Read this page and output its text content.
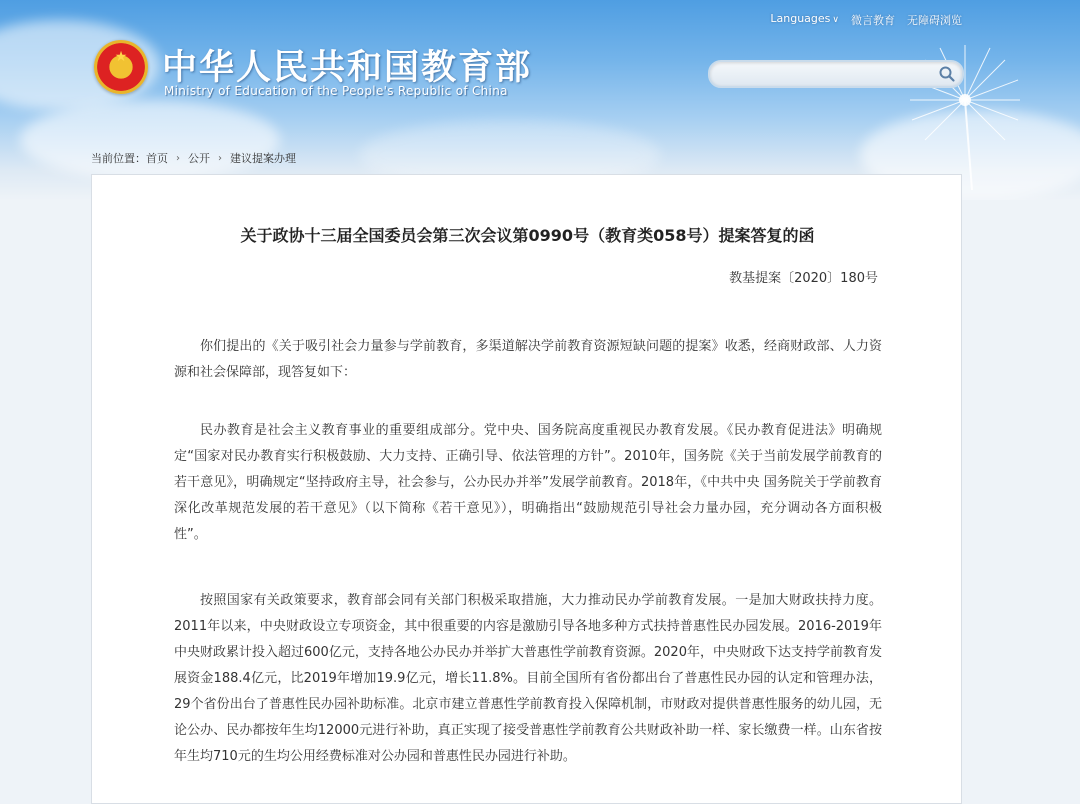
★ 中华人民共和国教育部
Ministry of Education of the People's Republic of China
Languages ∨ 微言教育 无障碍浏览
当前位置： 首页 › 公开 › 建议提案办理
关于政协十三届全国委员会第三次会议第0990号（教育类058号）提案答复的函
教基提案〔2020〕180号

你们提出的《关于吸引社会力量参与学前教育，多渠道解决学前教育资源短缺问题的提案》收悉，经商财政部、人力资源和社会保障部，现答复如下：

民办教育是社会主义教育事业的重要组成部分。党中央、国务院高度重视民办教育发展。《民办教育促进法》明确规定“国家对民办教育实行积极鼓励、大力支持、正确引导、依法管理的方针”。2010年，国务院《关于当前发展学前教育的若干意见》，明确规定“坚持政府主导，社会参与，公办民办并举”发展学前教育。2018年，《中共中央 国务院关于学前教育深化改革规范发展的若干意见》（以下简称《若干意见》），明确指出“鼓励规范引导社会力量办园，充分调动各方面积极性”。

按照国家有关政策要求，教育部会同有关部门积极采取措施，大力推动民办学前教育发展。一是加大财政扶持力度。2011年以来，中央财政设立专项资金，其中很重要的内容是激励引导各地多种方式扶持普惠性民办园发展。2016-2019年中央财政累计投入超过600亿元，支持各地公办民办并举扩大普惠性学前教育资源。2020年，中央财政下达支持学前教育发展资金188.4亿元，比2019年增加19.9亿元，增长11.8%。目前全国所有省份都出台了普惠性民办园的认定和管理办法，29个省份出台了普惠性民办园补助标准。北京市建立普惠性学前教育投入保障机制，市财政对提供普惠性服务的幼儿园，无论公办、民办都按年生均12000元进行补助，真正实现了接受普惠性学前教育公共财政补助一样、家长缴费一样。山东省按年生均710元的生均公用经费标准对公办园和普惠性民办园进行补助。
